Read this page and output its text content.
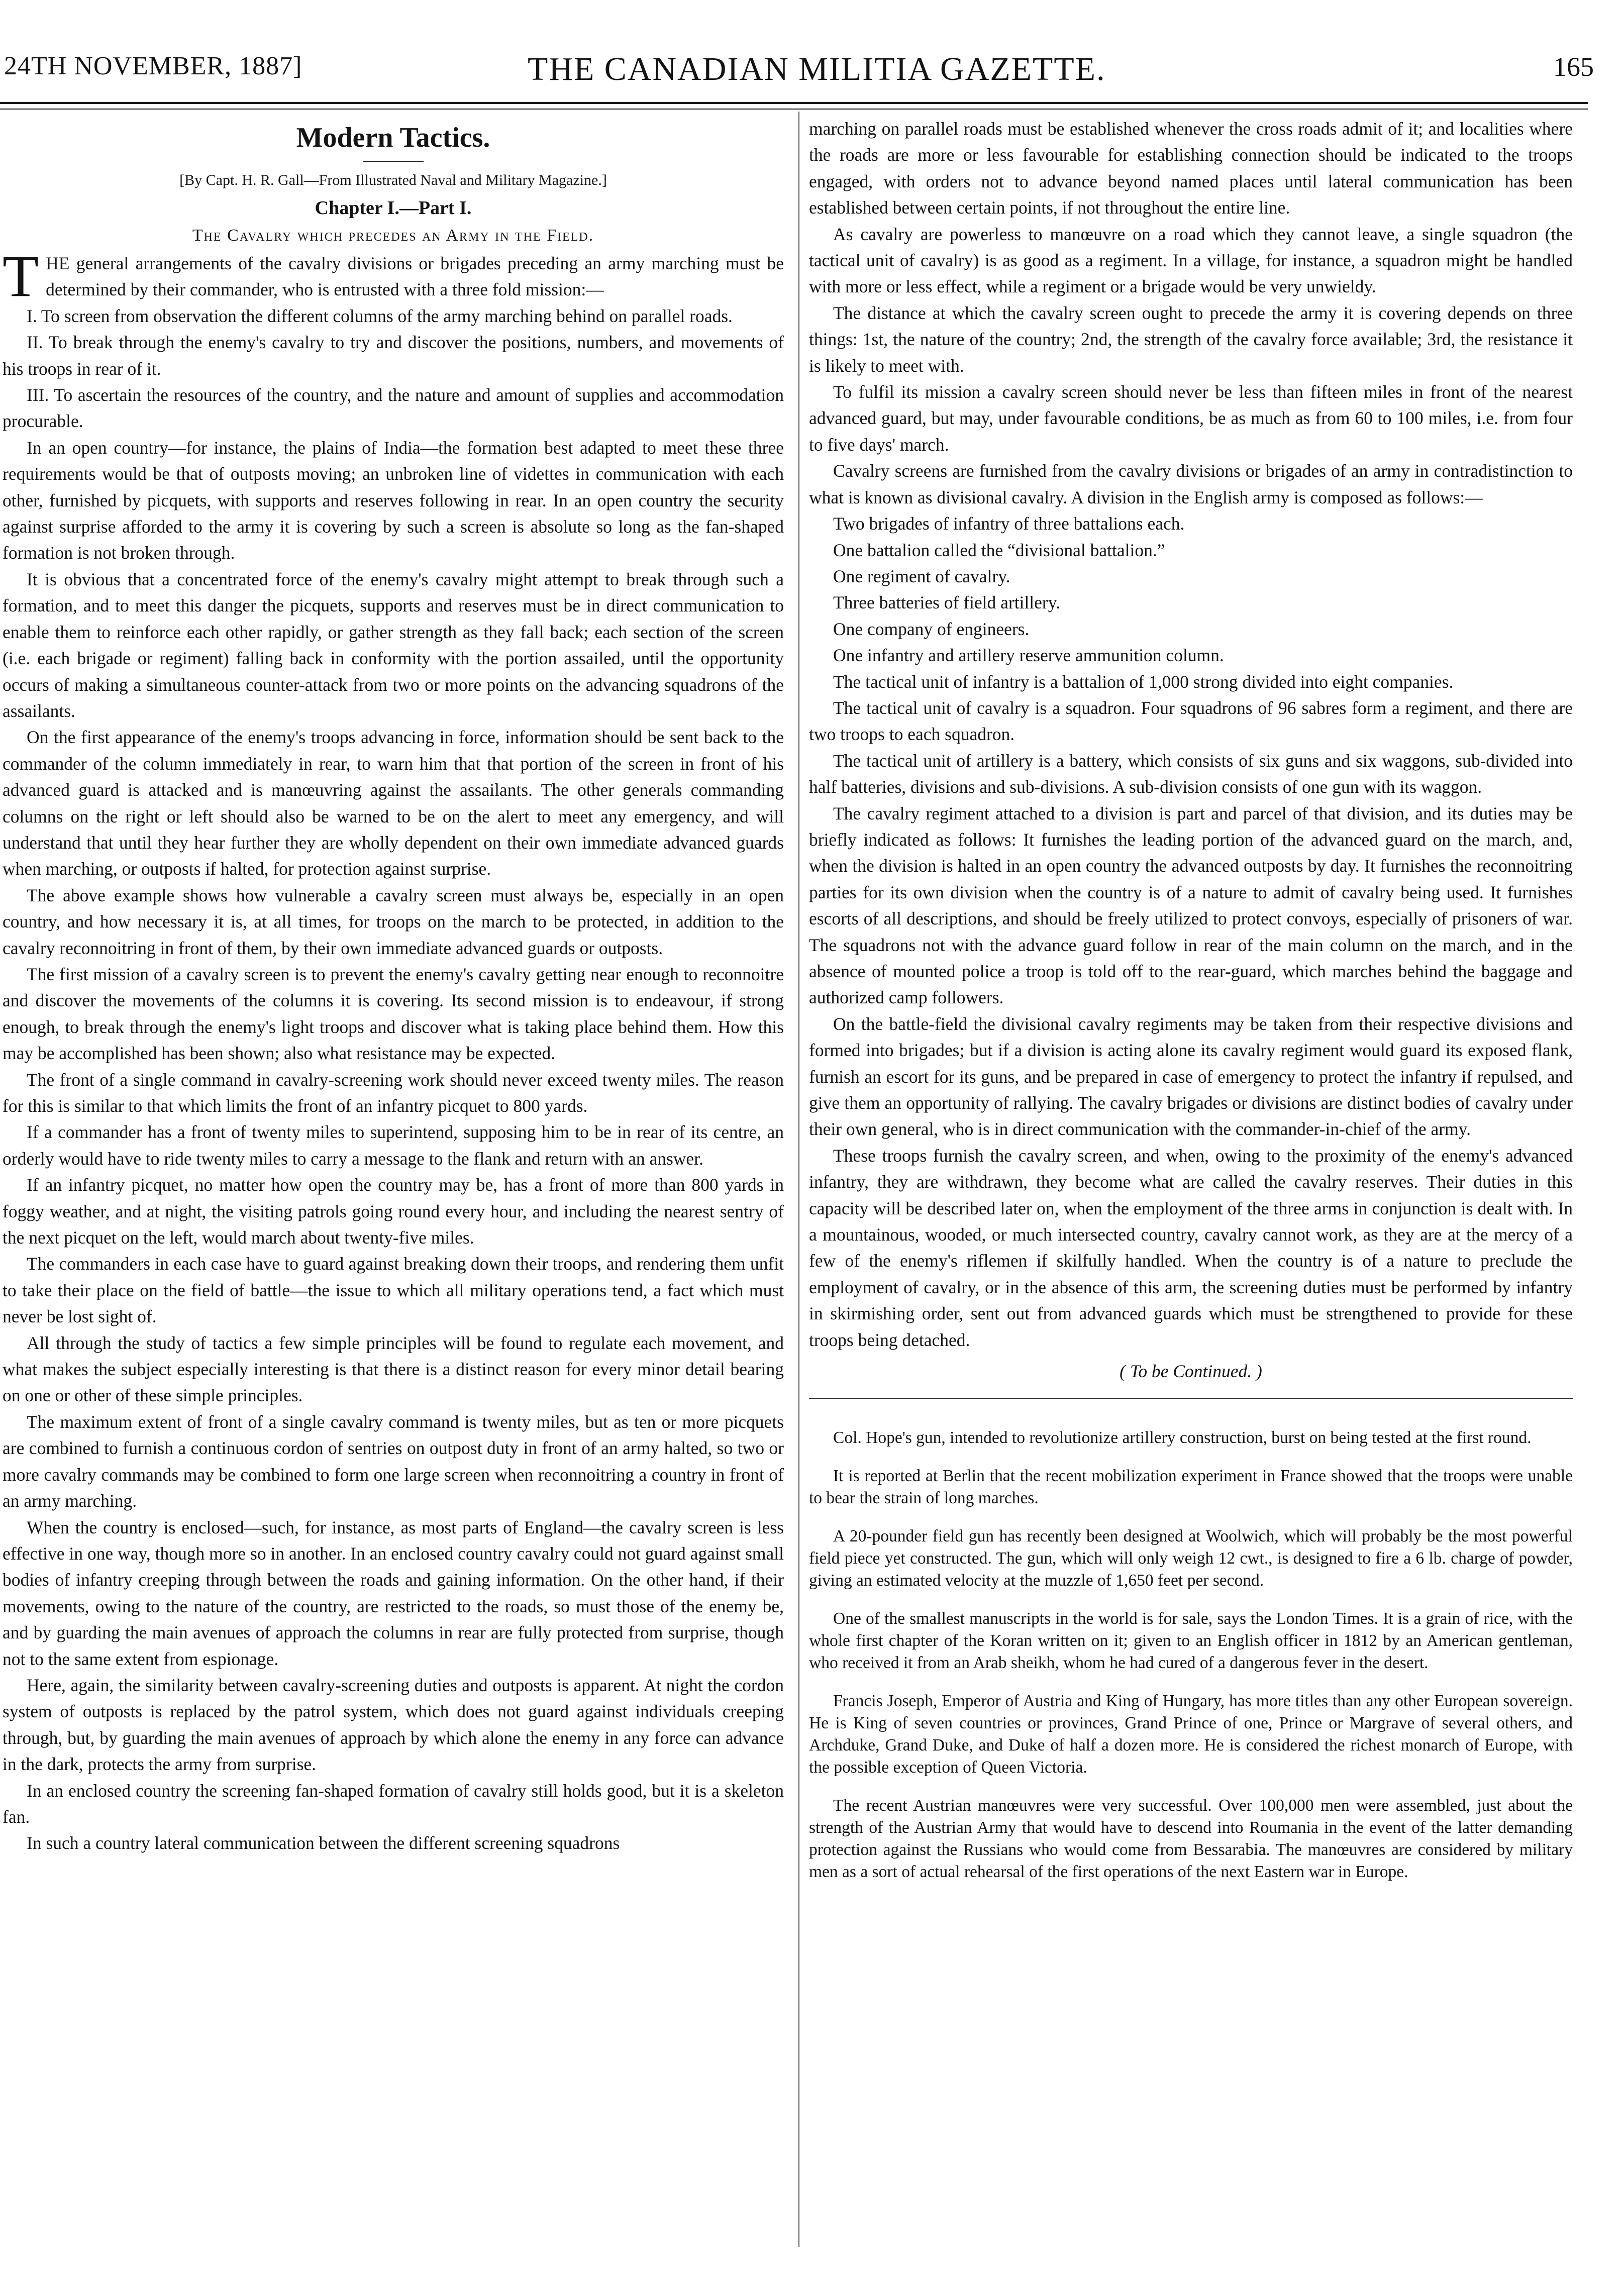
24TH NOVEMBER, 1887]	THE CANADIAN MILITIA GAZETTE.	165
Modern Tactics.
[By Capt. H. R. Gall—From Illustrated Naval and Military Magazine.]
Chapter I.—Part I.
The Cavalry which precedes an Army in the Field.

THE general arrangements of the cavalry divisions or brigades preceding an army marching must be determined by their commander, who is entrusted with a three fold mission:—

I. To screen from observation the different columns of the army marching behind on parallel roads.

II. To break through the enemy's cavalry to try and discover the positions, numbers, and movements of his troops in rear of it.

III. To ascertain the resources of the country, and the nature and amount of supplies and accommodation procurable.

In an open country—for instance, the plains of India—the formation best adapted to meet these three requirements would be that of outposts moving; an unbroken line of videttes in communication with each other, furnished by picquets, with supports and reserves following in rear. In an open country the security against surprise afforded to the army it is covering by such a screen is absolute so long as the fan-shaped formation is not broken through.

It is obvious that a concentrated force of the enemy's cavalry might attempt to break through such a formation, and to meet this danger the picquets, supports and reserves must be in direct communication to enable them to reinforce each other rapidly, or gather strength as they fall back; each section of the screen (i.e. each brigade or regiment) falling back in conformity with the portion assailed, until the opportunity occurs of making a simultaneous counter-attack from two or more points on the advancing squadrons of the assailants.

On the first appearance of the enemy's troops advancing in force, information should be sent back to the commander of the column immediately in rear, to warn him that that portion of the screen in front of his advanced guard is attacked and is manœuvring against the assailants. The other generals commanding columns on the right or left should also be warned to be on the alert to meet any emergency, and will understand that until they hear further they are wholly dependent on their own immediate advanced guards when marching, or outposts if halted, for protection against surprise.

The above example shows how vulnerable a cavalry screen must always be, especially in an open country, and how necessary it is, at all times, for troops on the march to be protected, in addition to the cavalry reconnoitring in front of them, by their own immediate advanced guards or outposts.

The first mission of a cavalry screen is to prevent the enemy's cavalry getting near enough to reconnoitre and discover the movements of the columns it is covering. Its second mission is to endeavour, if strong enough, to break through the enemy's light troops and discover what is taking place behind them. How this may be accomplished has been shown; also what resistance may be expected.

The front of a single command in cavalry-screening work should never exceed twenty miles. The reason for this is similar to that which limits the front of an infantry picquet to 800 yards.

If a commander has a front of twenty miles to superintend, supposing him to be in rear of its centre, an orderly would have to ride twenty miles to carry a message to the flank and return with an answer.

If an infantry picquet, no matter how open the country may be, has a front of more than 800 yards in foggy weather, and at night, the visiting patrols going round every hour, and including the nearest sentry of the next picquet on the left, would march about twenty-five miles.

The commanders in each case have to guard against breaking down their troops, and rendering them unfit to take their place on the field of battle—the issue to which all military operations tend, a fact which must never be lost sight of.

All through the study of tactics a few simple principles will be found to regulate each movement, and what makes the subject especially interesting is that there is a distinct reason for every minor detail bearing on one or other of these simple principles.

The maximum extent of front of a single cavalry command is twenty miles, but as ten or more picquets are combined to furnish a continuous cordon of sentries on outpost duty in front of an army halted, so two or more cavalry commands may be combined to form one large screen when reconnoitring a country in front of an army marching.

When the country is enclosed—such, for instance, as most parts of England—the cavalry screen is less effective in one way, though more so in another. In an enclosed country cavalry could not guard against small bodies of infantry creeping through between the roads and gaining information. On the other hand, if their movements, owing to the nature of the country, are restricted to the roads, so must those of the enemy be, and by guarding the main avenues of approach the columns in rear are fully protected from surprise, though not to the same extent from espionage.

Here, again, the similarity between cavalry-screening duties and outposts is apparent. At night the cordon system of outposts is replaced by the patrol system, which does not guard against individuals creeping through, but, by guarding the main avenues of approach by which alone the enemy in any force can advance in the dark, protects the army from surprise.

In an enclosed country the screening fan-shaped formation of cavalry still holds good, but it is a skeleton fan.

In such a country lateral communication between the different screening squadrons

marching on parallel roads must be established whenever the cross roads admit of it; and localities where the roads are more or less favourable for establishing connection should be indicated to the troops engaged, with orders not to advance beyond named places until lateral communication has been established between certain points, if not throughout the entire line.

As cavalry are powerless to manœuvre on a road which they cannot leave, a single squadron (the tactical unit of cavalry) is as good as a regiment. In a village, for instance, a squadron might be handled with more or less effect, while a regiment or a brigade would be very unwieldy.

The distance at which the cavalry screen ought to precede the army it is covering depends on three things: 1st, the nature of the country; 2nd, the strength of the cavalry force available; 3rd, the resistance it is likely to meet with.

To fulfil its mission a cavalry screen should never be less than fifteen miles in front of the nearest advanced guard, but may, under favourable conditions, be as much as from 60 to 100 miles, i.e. from four to five days' march.

Cavalry screens are furnished from the cavalry divisions or brigades of an army in contradistinction to what is known as divisional cavalry. A division in the English army is composed as follows:—

Two brigades of infantry of three battalions each.

One battalion called the “divisional battalion.”

One regiment of cavalry.

Three batteries of field artillery.

One company of engineers.

One infantry and artillery reserve ammunition column.

The tactical unit of infantry is a battalion of 1,000 strong divided into eight companies.

The tactical unit of cavalry is a squadron. Four squadrons of 96 sabres form a regiment, and there are two troops to each squadron.

The tactical unit of artillery is a battery, which consists of six guns and six waggons, sub-divided into half batteries, divisions and sub-divisions. A sub-division consists of one gun with its waggon.

The cavalry regiment attached to a division is part and parcel of that division, and its duties may be briefly indicated as follows: It furnishes the leading portion of the advanced guard on the march, and, when the division is halted in an open country the advanced outposts by day. It furnishes the reconnoitring parties for its own division when the country is of a nature to admit of cavalry being used. It furnishes escorts of all descriptions, and should be freely utilized to protect convoys, especially of prisoners of war. The squadrons not with the advance guard follow in rear of the main column on the march, and in the absence of mounted police a troop is told off to the rear-guard, which marches behind the baggage and authorized camp followers.

On the battle-field the divisional cavalry regiments may be taken from their respective divisions and formed into brigades; but if a division is acting alone its cavalry regiment would guard its exposed flank, furnish an escort for its guns, and be prepared in case of emergency to protect the infantry if repulsed, and give them an opportunity of rallying. The cavalry brigades or divisions are distinct bodies of cavalry under their own general, who is in direct communication with the commander-in-chief of the army.

These troops furnish the cavalry screen, and when, owing to the proximity of the enemy's advanced infantry, they are withdrawn, they become what are called the cavalry reserves. Their duties in this capacity will be described later on, when the employment of the three arms in conjunction is dealt with. In a mountainous, wooded, or much intersected country, cavalry cannot work, as they are at the mercy of a few of the enemy's riflemen if skilfully handled. When the country is of a nature to preclude the employment of cavalry, or in the absence of this arm, the screening duties must be performed by infantry in skirmishing order, sent out from advanced guards which must be strengthened to provide for these troops being detached.

( To be Continued. )

Col. Hope's gun, intended to revolutionize artillery construction, burst on being tested at the first round.

It is reported at Berlin that the recent mobilization experiment in France showed that the troops were unable to bear the strain of long marches.

A 20-pounder field gun has recently been designed at Woolwich, which will probably be the most powerful field piece yet constructed. The gun, which will only weigh 12 cwt., is designed to fire a 6 lb. charge of powder, giving an estimated velocity at the muzzle of 1,650 feet per second.

One of the smallest manuscripts in the world is for sale, says the London Times. It is a grain of rice, with the whole first chapter of the Koran written on it; given to an English officer in 1812 by an American gentleman, who received it from an Arab sheikh, whom he had cured of a dangerous fever in the desert.

Francis Joseph, Emperor of Austria and King of Hungary, has more titles than any other European sovereign. He is King of seven countries or provinces, Grand Prince of one, Prince or Margrave of several others, and Archduke, Grand Duke, and Duke of half a dozen more. He is considered the richest monarch of Europe, with the possible exception of Queen Victoria.

The recent Austrian manœuvres were very successful. Over 100,000 men were assembled, just about the strength of the Austrian Army that would have to descend into Roumania in the event of the latter demanding protection against the Russians who would come from Bessarabia. The manœuvres are considered by military men as a sort of actual rehearsal of the first operations of the next Eastern war in Europe.
